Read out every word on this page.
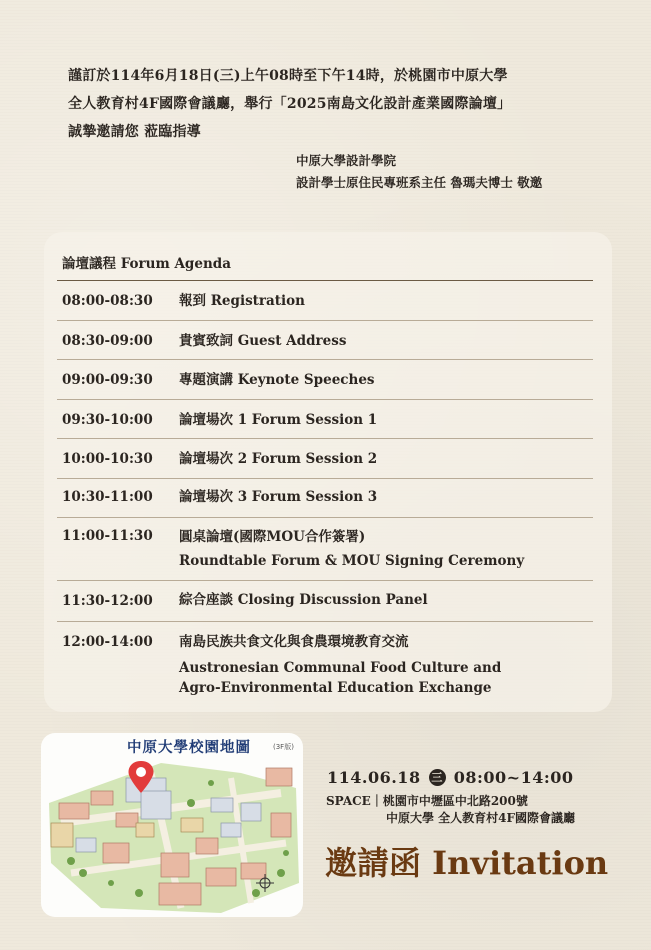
謹訂於114年6月18日(三)上午08時至下午14時，於桃園市中原大學
全人教育村4F國際會議廳，舉行「2025南島文化設計產業國際論壇」
誠摯邀請您 蒞臨指導
中原大學設計學院
設計學士原住民專班系主任 魯瑪夫博士 敬邀
論壇議程 Forum Agenda
08:00-08:30 報到 Registration
08:30-09:00 貴賓致詞 Guest Address
09:00-09:30 專題演講 Keynote Speeches
09:30-10:00 論壇場次 1 Forum Session 1
10:00-10:30 論壇場次 2 Forum Session 2
10:30-11:00 論壇場次 3 Forum Session 3
11:00-11:30 圓桌論壇(國際MOU合作簽署)
Roundtable Forum & MOU Signing Ceremony
11:30-12:00 綜合座談 Closing Discussion Panel
12:00-14:00 南島民族共食文化與食農環境教育交流
Austronesian Communal Food Culture and
Agro-Environmental Education Exchange
中原大學校園地圖	(3F版)
114.06.18 三 08:00~14:00
SPACE｜桃園市中壢區中北路200號
中原大學 全人教育村4F國際會議廳
邀請函 Invitation
